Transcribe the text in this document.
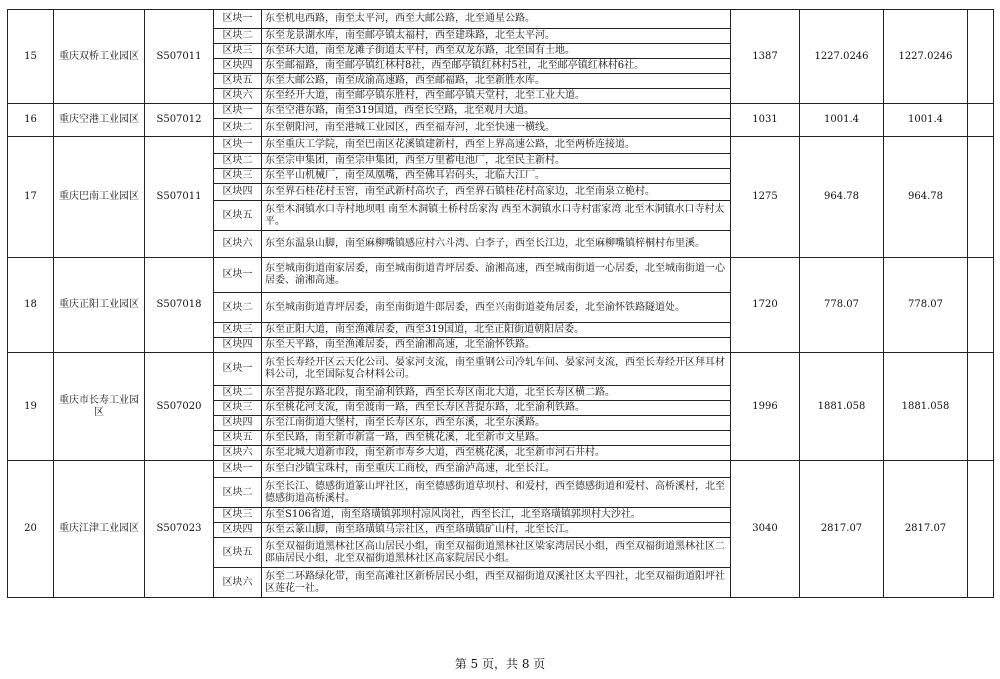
15	重庆双桥工业园区	S507011	区块一	东至机电西路，南至太平河，西至大邮公路，北至通星公路。	1387	1227.0246	1227.0246	
			区块二	东至龙景湖水库，南至邮亭镇太福村，西至建珠路，北至太平河。				
			区块三	东至环大道，南至龙滩子街道太平村，西至双龙东路，北至国有土地。				
			区块四	东至邮福路，南至邮亭镇红林村8社，西至邮亭镇红林村5社，北至邮亭镇红林村6社。				
			区块五	东至大邮公路，南至成渝高速路，西至邮福路，北至新胜水库。				
			区块六	东至经开大道，南至邮亭镇东胜村，西至邮亭镇天堂村，北至工业大道。				
16	重庆空港工业园区	S507012	区块一	东至空港东路，南至319国道，西至长空路，北至观月大道。	1031	1001.4	1001.4	
			区块二	东至朝阳河，南至港城工业园区，西至福寿河，北至快速一横线。				
17	重庆巴南工业园区	S507011	区块一	东至重庆工学院，南至巴南区花溪镇建新村，西至上界高速公路，北至两桥连接道。	1275	964.78	964.78	
			区块二	东至宗申集团，南至宗申集团，西至万里蓄电池厂，北至民主新村。				
			区块三	东至平山机械厂，南至凤凰嘴，西至佛耳岩码头，北临大江厂。				
			区块四	东至界石桂花村玉窖，南至武新村高坎子，西至界石镇桂花村高家边，北至南泉立桅村。				
			区块五	东至木洞镇水口寺村地坝咀 南至木洞镇土桥村岳家沟 西至木洞镇水口寺村雷家湾 北至木洞镇水口寺村太平。				
			区块六	东至东温泉山脚，南至麻柳嘴镇感应村六斗湾、白李子，西至长江边，北至麻柳嘴镇梓桐村布里溪。				
18	重庆正阳工业园区	S507018	区块一	东至城南街道南家居委，南至城南街道青坪居委、渝湘高速，西至城南街道一心居委，北至城南街道一心居委、渝湘高速。	1720	778.07	778.07	
			区块二	东至城南街道青坪居委，南至南街道牛郎居委，西至兴南街道菱角居委，北至渝怀铁路隧道处。				
			区块三	东至正阳大道，南至渔滩居委，西至319国道，北至正阳街道朝阳居委。				
			区块四	东至天平路，南至渔滩居委，西至渝湘高速，北至渝怀铁路。				
19	重庆市长寿工业园区	S507020	区块一	东至长寿经开区云天化公司、晏家河支流，南至重钢公司冷轧车间、晏家河支流，西至长寿经开区拜耳材料公司，北至国际复合材料公司。	1996	1881.058	1881.058	
			区块二	东至菩提东路北段，南至渝利铁路，西至长寿区南北大道，北至长寿区横二路。				
			区块三	东至桃花河支流，南至渡南一路，西至长寿区菩提东路，北至渝利铁路。				
			区块四	东至江南街道大堡村，南至长寿区东，西至东溪，北至东溪路。				
			区块五	东至民路，南至新市新富一路，西至桃花溪，北至新市文星路。				
			区块六	东至北城大道新市段，南至新市寿乡大道，西至桃花溪，北至新市河石井村。				
20	重庆江津工业园区	S507023	区块一	东至白沙镇宝珠村，南至重庆工商校，西至渝泸高速，北至长江。	3040	2817.07	2817.07	
			区块二	东至长江、德感街道篆山坪社区，南至德感街道草坝村、和爱村，西至德感街道和爱村、高桥溪村，北至德感街道高桥溪村。				
			区块三	东至S106省道，南至珞璜镇郭坝村凉风岗社，西至长江，北至珞璜镇郭坝村大沙社。				
			区块四	东至云篆山脚，南至珞璜镇马宗社区，西至珞璜镇矿山村，北至长江。				
			区块五	东至双福街道黑林社区高山居民小组，南至双福街道黑林社区梁家湾居民小组，西至双福街道黑林社区二郎庙居民小组，北至双福街道黑林社区高家院居民小组。				
			区块六	东至二环路绿化带，南至高滩社区新桥居民小组，西至双福街道双溪社区太平四社，北至双福街道阳坪社区莲花一社。				
第 5 页，共 8 页
